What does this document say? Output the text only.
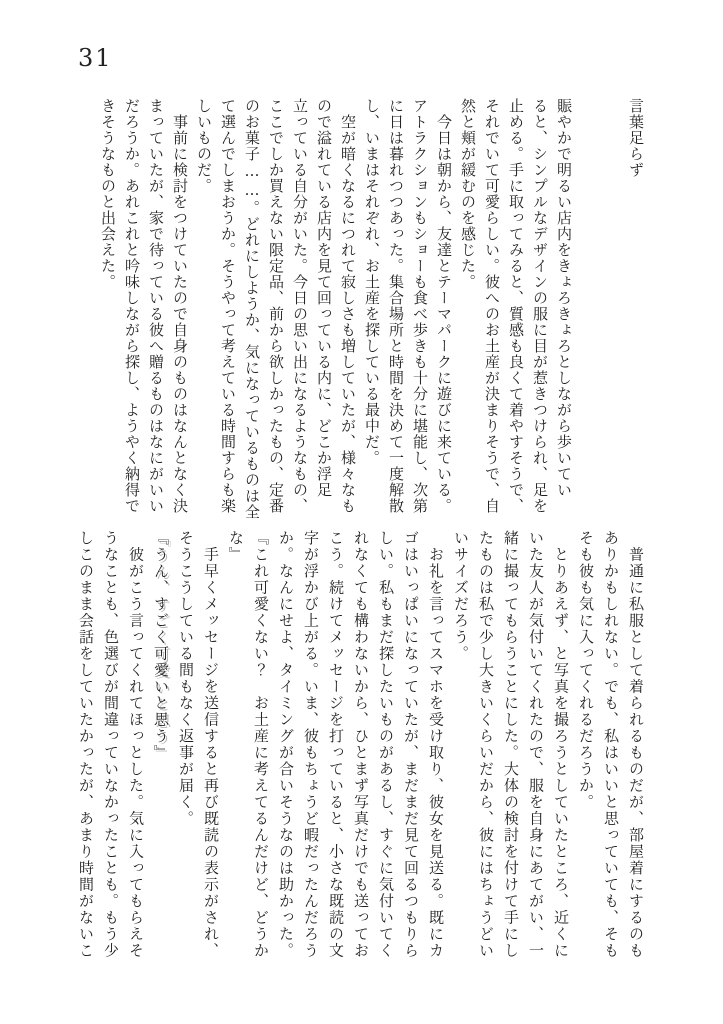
31
言葉足らず
賑やかで明るい店内をきょろきょろとしながら歩いてい
ると、シンプルなデザインの服に目が惹きつけられ、足を
止める。手に取ってみると、質感も良くて着やすそうで、
それでいて可愛らしい。彼へのお土産が決まりそうで、自
然と頬が緩むのを感じた。
　今日は朝から、友達とテーマパークに遊びに来ている。
アトラクションもショーも食べ歩きも十分に堪能し、次第
に日は暮れつつあった。集合場所と時間を決めて一度解散
し、いまはそれぞれ、お土産を探している最中だ。
　空が暗くなるにつれて寂しさも増していたが、様々なも
ので溢れている店内を見て回っている内に、どこか浮足
立っている自分がいた。今日の思い出になるようなもの、
ここでしか買えない限定品、前から欲しかったもの、定番
のお菓子……。どれにしようか、気になっているものは全
て選んでしまおうか。そうやって考えている時間すらも楽
しいものだ。
　事前に検討をつけていたので自身のものはなんとなく決
まっていたが、家で待っている彼へ贈るものはなにがいい
だろうか。あれこれと吟味しながら探し、ようやく納得で
きそうなものと出会えた。
　普通に私服として着られるものだが、部屋着にするのも
ありかもしれない。でも、私はいいと思っていても、そも
そも彼も気に入ってくれるだろうか。
　とりあえず、と写真を撮ろうとしていたところ、近くに
いた友人が気付いてくれたので、服を自身にあてがい、一
緒に撮ってもらうことにした。大体の検討を付けて手にし
たものは私で少し大きいくらいだから、彼にはちょうどい
いサイズだろう。
　お礼を言ってスマホを受け取り、彼女を見送る。既にカ
ゴはいっぱいになっていたが、まだまだ見て回るつもりら
しい。私もまだ探したいものがあるし、すぐに気付いてく
れなくても構わないから、ひとまず写真だけでも送ってお
こう。続けてメッセージを打っていると、小さな既読の文
字が浮かび上がる。いま、彼もちょうど暇だったんだろう
か。なんにせよ、タイミングが合いそうなのは助かった。
『これ可愛くない？　お土産に考えてるんだけど、どうか
な』
　手早くメッセージを送信すると再び既読の表示がされ、
そうこうしている間もなく返事が届く。
『うん、すごく可愛いと思う』
　彼がこう言ってくれてほっとした。気に入ってもらえそ
うなことも、色選びが間違っていなかったことも。もう少
しこのまま会話をしていたかったが、あまり時間がないこ
